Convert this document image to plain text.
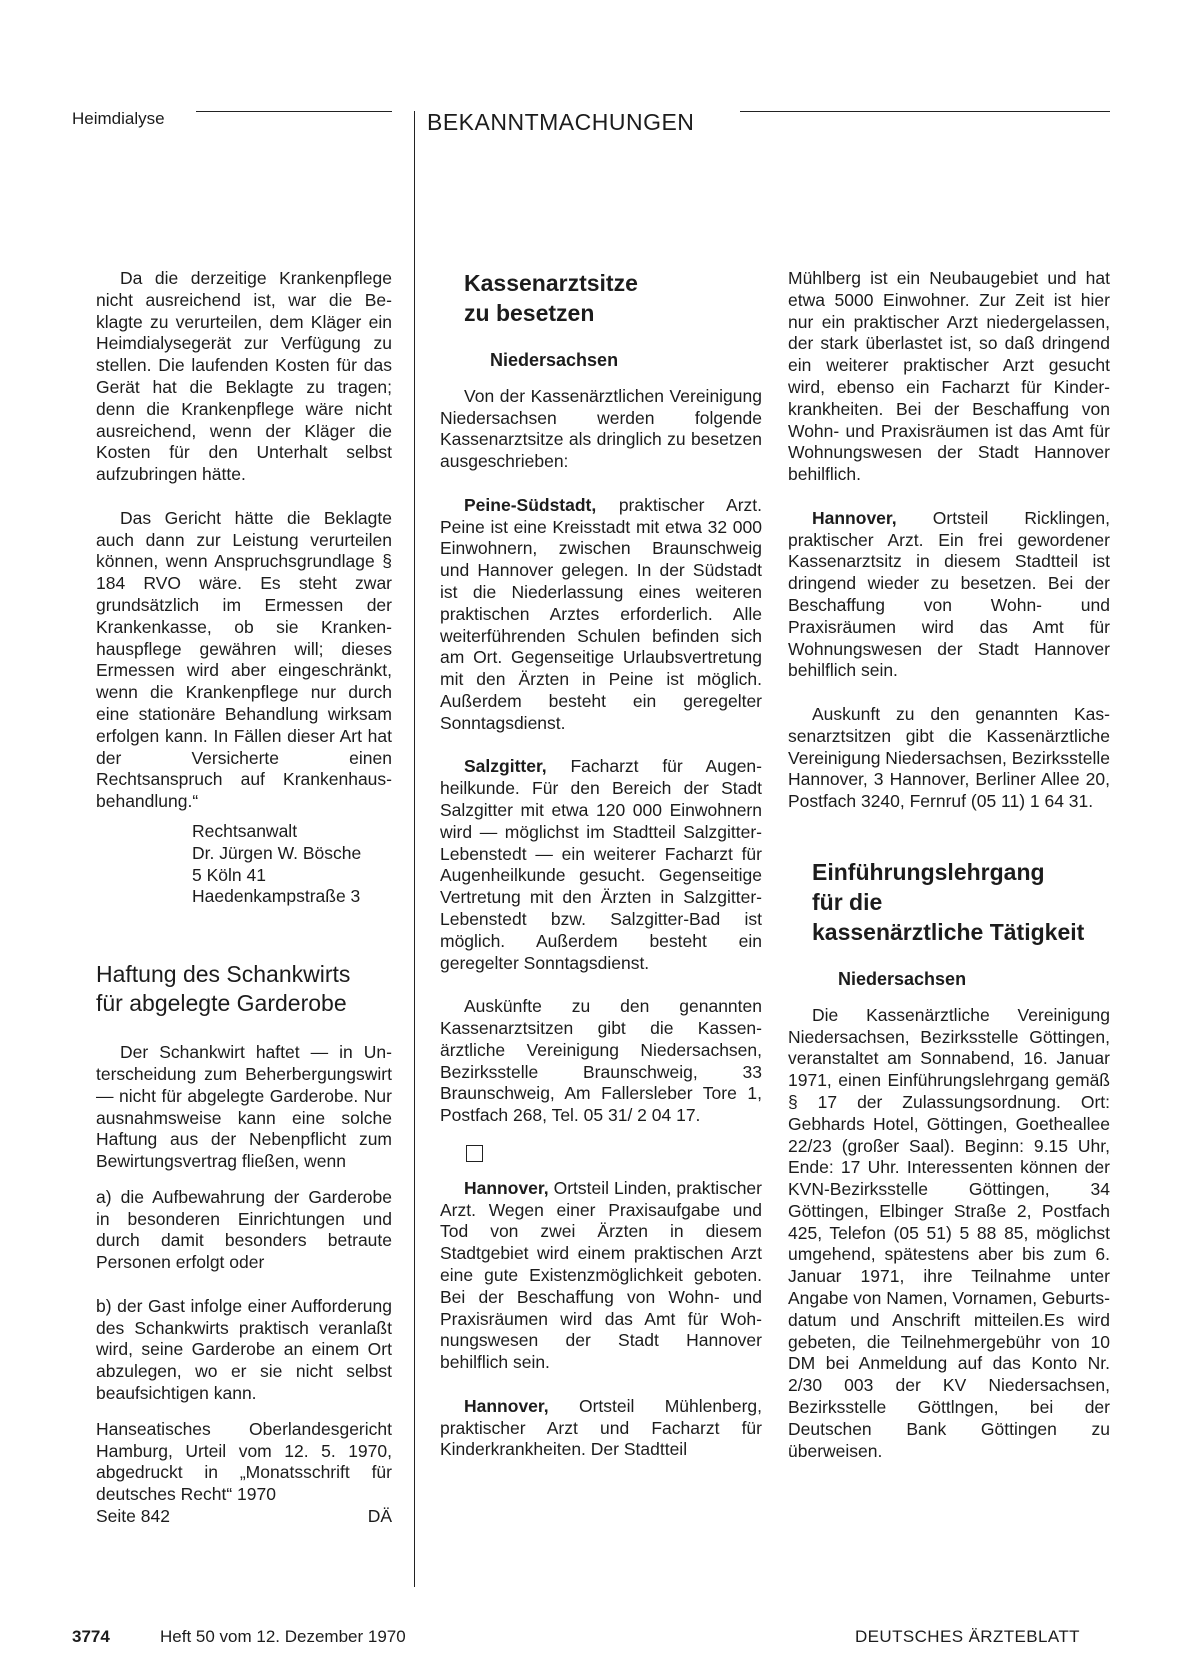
Heimdialyse	BEKANNTMACHUNGEN

Da die derzeitige Krankenpflege nicht ausreichend ist, war die Beklagte zu verurteilen, dem Kläger ein Heimdialysegerät zur Verfügung zu stellen. Die laufenden Kosten für das Gerät hat die Beklagte zu tragen; denn die Krankenpflege wäre nicht ausreichend, wenn der Kläger die Kosten für den Unterhalt selbst aufzubringen hätte.

Das Gericht hätte die Beklagte auch dann zur Leistung verurteilen können, wenn Anspruchsgrundlage § 184 RVO wäre. Es steht zwar grundsätzlich im Ermessen der Krankenkasse, ob sie Krankenhauspflege gewähren will; dieses Ermessen wird aber eingeschränkt, wenn die Krankenpflege nur durch eine stationäre Behandlung wirksam erfolgen kann. In Fällen dieser Art hat der Versicherte einen Rechtsanspruch auf Krankenhausbehandlung.“

Rechtsanwalt
Dr. Jürgen W. Bösche
5 Köln 41
Haedenkampstraße 3
Haftung des Schankwirts
für abgelegte Garderobe

Der Schankwirt haftet — in Unterscheidung zum Beherbergungswirt — nicht für abgelegte Garderobe. Nur ausnahmsweise kann eine solche Haftung aus der Nebenpflicht zum Bewirtungsvertrag fließen, wenn

a) die Aufbewahrung der Garderobe in besonderen Einrichtungen und durch damit besonders betraute Personen erfolgt oder

b) der Gast infolge einer Aufforderung des Schankwirts praktisch veranlaßt wird, seine Garderobe an einem Ort abzulegen, wo er sie nicht selbst beaufsichtigen kann.

Hanseatisches Oberlandesgericht Hamburg, Urteil vom 12. 5. 1970, abgedruckt in „Monatsschrift für deutsches Recht“ 1970

Seite 842	DÄ
Kassenarztsitze
zu besetzen

Niedersachsen

Von der Kassenärztlichen Vereinigung Niedersachsen werden folgende Kassenarztsitze als dringlich zu besetzen ausgeschrieben:

Peine-Südstadt, praktischer Arzt. Peine ist eine Kreisstadt mit etwa 32 000 Einwohnern, zwischen Braunschweig und Hannover gelegen. In der Südstadt ist die Niederlassung eines weiteren praktischen Arztes erforderlich. Alle weiterführenden Schulen befinden sich am Ort. Gegenseitige Urlaubsvertretung mit den Ärzten in Peine ist möglich. Außerdem besteht ein geregelter Sonntagsdienst.

Salzgitter, Facharzt für Augenheilkunde. Für den Bereich der Stadt Salzgitter mit etwa 120 000 Einwohnern wird — möglichst im Stadtteil Salzgitter-Lebenstedt — ein weiterer Facharzt für Augenheilkunde gesucht. Gegenseitige Vertretung mit den Ärzten in Salzgitter-Lebenstedt bzw. Salzgitter-Bad ist möglich. Außerdem besteht ein geregelter Sonntagsdienst.

Auskünfte zu den genannten Kassenarztsitzen gibt die Kassenärztliche Vereinigung Niedersachsen, Bezirksstelle Braunschweig, 33 Braunschweig, Am Fallersleber Tore 1, Postfach 268, Tel. 05 31/ 2 04 17.

Hannover, Ortsteil Linden, praktischer Arzt. Wegen einer Praxisaufgabe und Tod von zwei Ärzten in diesem Stadtgebiet wird einem praktischen Arzt eine gute Existenzmöglichkeit geboten. Bei der Beschaffung von Wohn- und Praxisräumen wird das Amt für Wohnungswesen der Stadt Hannover behilflich sein.

Hannover, Ortsteil Mühlenberg, praktischer Arzt und Facharzt für Kinderkrankheiten. Der Stadtteil

Mühlberg ist ein Neubaugebiet und hat etwa 5000 Einwohner. Zur Zeit ist hier nur ein praktischer Arzt niedergelassen, der stark überlastet ist, so daß dringend ein weiterer praktischer Arzt gesucht wird, ebenso ein Facharzt für Kinderkrankheiten. Bei der Beschaffung von Wohn- und Praxisräumen ist das Amt für Wohnungswesen der Stadt Hannover behilflich.

Hannover, Ortsteil Ricklingen, praktischer Arzt. Ein frei gewordener Kassenarztsitz in diesem Stadtteil ist dringend wieder zu besetzen. Bei der Beschaffung von Wohn- und Praxisräumen wird das Amt für Wohnungswesen der Stadt Hannover behilflich sein.

Auskunft zu den genannten Kassenarztsitzen gibt die Kassenärztliche Vereinigung Niedersachsen, Bezirksstelle Hannover, 3 Hannover, Berliner Allee 20, Postfach 3240, Fernruf (05 11) 1 64 31.

Einführungslehrgang
für die
kassenärztliche Tätigkeit

Niedersachsen

Die Kassenärztliche Vereinigung Niedersachsen, Bezirksstelle Göttingen, veranstaltet am Sonnabend, 16. Januar 1971, einen Einführungslehrgang gemäß § 17 der Zulassungsordnung. Ort: Gebhards Hotel, Göttingen, Goetheallee 22/23 (großer Saal). Beginn: 9.15 Uhr, Ende: 17 Uhr. Interessenten können der KVN-Bezirksstelle Göttingen, 34 Göttingen, Elbinger Straße 2, Postfach 425, Telefon (05 51) 5 88 85, möglichst umgehend, spätestens aber bis zum 6. Januar 1971, ihre Teilnahme unter Angabe von Namen, Vornamen, Geburtsdatum und Anschrift mitteilen.Es wird gebeten, die Teilnehmergebühr von 10 DM bei Anmeldung auf das Konto Nr. 2/30 003 der KV Niedersachsen, Bezirksstelle Göttlngen, bei der Deutschen Bank Göttingen zu überweisen.

3774	Heft 50 vom 12. Dezember 1970	DEUTSCHES ÄRZTEBLATT
